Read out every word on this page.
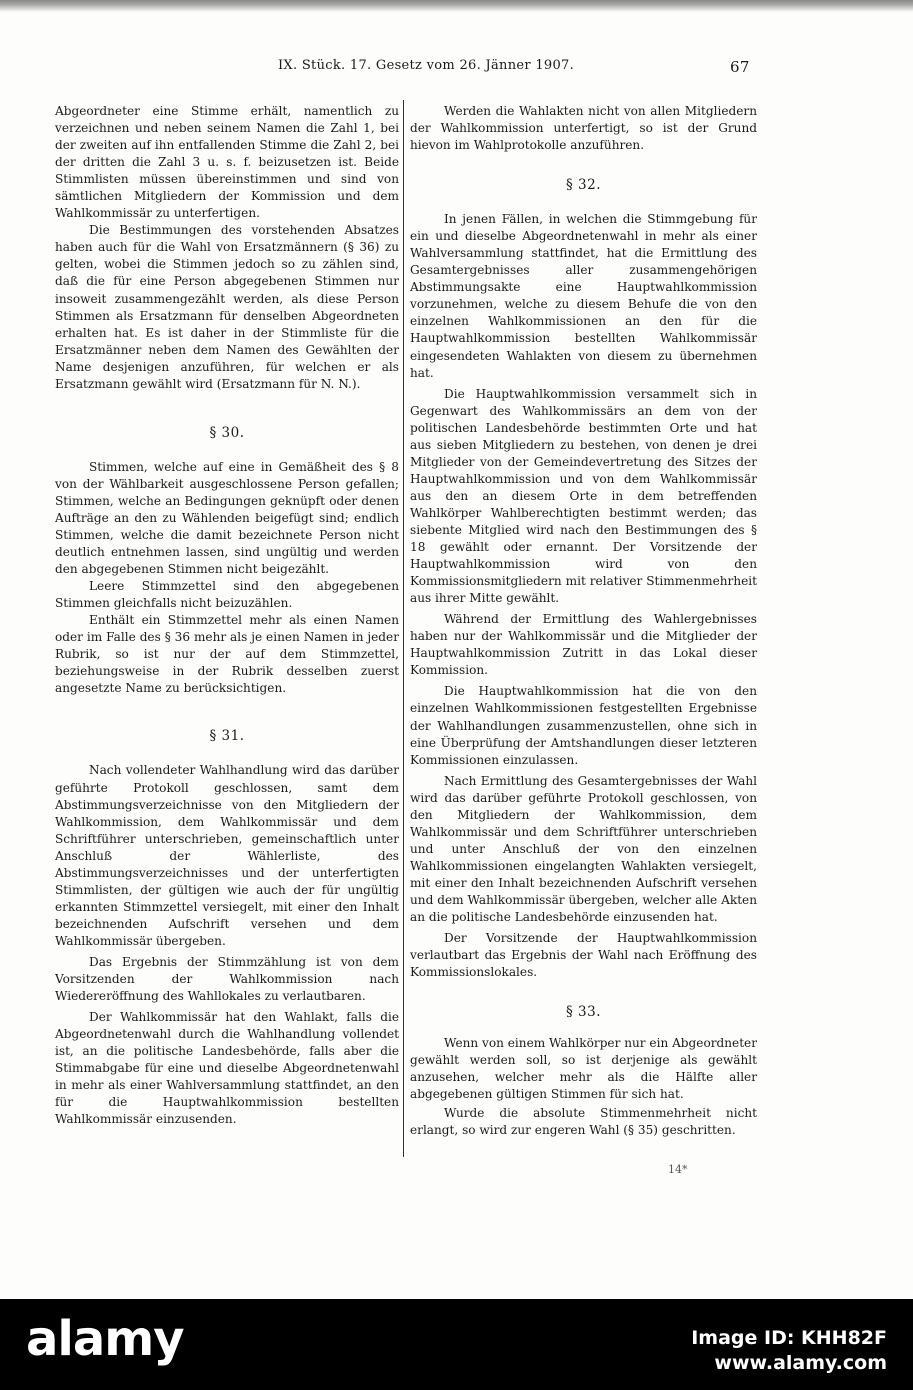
IX. Stück. 17. Gesetz vom 26. Jänner 1907.	67

Abgeordneter eine Stimme erhält, namentlich zu verzeichnen und neben seinem Namen die Zahl 1, bei der zweiten auf ihn entfallenden Stimme die Zahl 2, bei der dritten die Zahl 3 u. s. f. beizusetzen ist. Beide Stimmlisten müssen übereinstimmen und sind von sämtlichen Mitgliedern der Kommission und dem Wahlkommissär zu unterfertigen.

Die Bestimmungen des vorstehenden Absatzes haben auch für die Wahl von Ersatzmännern (§ 36) zu gelten, wobei die Stimmen jedoch so zu zählen sind, daß die für eine Person abgegebenen Stimmen nur insoweit zusammengezählt werden, als diese Person Stimmen als Ersatzmann für denselben Abgeordneten erhalten hat. Es ist daher in der Stimmliste für die Ersatzmänner neben dem Namen des Gewählten der Name desjenigen anzuführen, für welchen er als Ersatzmann gewählt wird (Ersatzmann für N. N.).

§ 30.

Stimmen, welche auf eine in Gemäßheit des § 8 von der Wählbarkeit ausgeschlossene Person gefallen; Stimmen, welche an Bedingungen geknüpft oder denen Aufträge an den zu Wählenden beigefügt sind; endlich Stimmen, welche die damit bezeichnete Person nicht deutlich entnehmen lassen, sind ungültig und werden den abgegebenen Stimmen nicht beigezählt.

Leere Stimmzettel sind den abgegebenen Stimmen gleichfalls nicht beizuzählen.

Enthält ein Stimmzettel mehr als einen Namen oder im Falle des § 36 mehr als je einen Namen in jeder Rubrik, so ist nur der auf dem Stimmzettel, beziehungsweise in der Rubrik desselben zuerst angesetzte Name zu berücksichtigen.

§ 31.

Nach vollendeter Wahlhandlung wird das darüber geführte Protokoll geschlossen, samt dem Abstimmungsverzeichnisse von den Mitgliedern der Wahlkommission, dem Wahlkommissär und dem Schriftführer unterschrieben, gemeinschaftlich unter Anschluß der Wählerliste, des Abstimmungsverzeichnisses und der unterfertigten Stimmlisten, der gültigen wie auch der für ungültig erkannten Stimmzettel versiegelt, mit einer den Inhalt bezeichnenden Aufschrift versehen und dem Wahlkommissär übergeben.

Das Ergebnis der Stimmzählung ist von dem Vorsitzenden der Wahlkommission nach Wiedereröffnung des Wahllokales zu verlautbaren.

Der Wahlkommissär hat den Wahlakt, falls die Abgeordnetenwahl durch die Wahlhandlung vollendet ist, an die politische Landesbehörde, falls aber die Stimmabgabe für eine und dieselbe Abgeordnetenwahl in mehr als einer Wahlversammlung stattfindet, an den für die Hauptwahlkommission bestellten Wahlkommissär einzusenden.

Werden die Wahlakten nicht von allen Mitgliedern der Wahlkommission unterfertigt, so ist der Grund hievon im Wahlprotokolle anzuführen.

§ 32.

In jenen Fällen, in welchen die Stimmgebung für ein und dieselbe Abgeordnetenwahl in mehr als einer Wahlversammlung stattfindet, hat die Ermittlung des Gesamtergebnisses aller zusammengehörigen Abstimmungsakte eine Hauptwahlkommission vorzunehmen, welche zu diesem Behufe die von den einzelnen Wahlkommissionen an den für die Hauptwahlkommission bestellten Wahlkommissär eingesendeten Wahlakten von diesem zu übernehmen hat.

Die Hauptwahlkommission versammelt sich in Gegenwart des Wahlkommissärs an dem von der politischen Landesbehörde bestimmten Orte und hat aus sieben Mitgliedern zu bestehen, von denen je drei Mitglieder von der Gemeindevertretung des Sitzes der Hauptwahlkommission und von dem Wahlkommissär aus den an diesem Orte in dem betreffenden Wahlkörper Wahlberechtigten bestimmt werden; das siebente Mitglied wird nach den Bestimmungen des § 18 gewählt oder ernannt. Der Vorsitzende der Hauptwahlkommission wird von den Kommissionsmitgliedern mit relativer Stimmenmehrheit aus ihrer Mitte gewählt.

Während der Ermittlung des Wahlergebnisses haben nur der Wahlkommissär und die Mitglieder der Hauptwahlkommission Zutritt in das Lokal dieser Kommission.

Die Hauptwahlkommission hat die von den einzelnen Wahlkommissionen festgestellten Ergebnisse der Wahlhandlungen zusammenzustellen, ohne sich in eine Überprüfung der Amtshandlungen dieser letzteren Kommissionen einzulassen.

Nach Ermittlung des Gesamtergebnisses der Wahl wird das darüber geführte Protokoll geschlossen, von den Mitgliedern der Wahlkommission, dem Wahlkommissär und dem Schriftführer unterschrieben und unter Anschluß der von den einzelnen Wahlkommissionen eingelangten Wahlakten versiegelt, mit einer den Inhalt bezeichnenden Aufschrift versehen und dem Wahlkommissär übergeben, welcher alle Akten an die politische Landesbehörde einzusenden hat.

Der Vorsitzende der Hauptwahlkommission verlautbart das Ergebnis der Wahl nach Eröffnung des Kommissionslokales.

§ 33.

Wenn von einem Wahlkörper nur ein Abgeordneter gewählt werden soll, so ist derjenige als gewählt anzusehen, welcher mehr als die Hälfte aller abgegebenen gültigen Stimmen für sich hat.

Wurde die absolute Stimmenmehrheit nicht erlangt, so wird zur engeren Wahl (§ 35) geschritten.

14*
alamy	Image ID: KHH82F
www.alamy.com
